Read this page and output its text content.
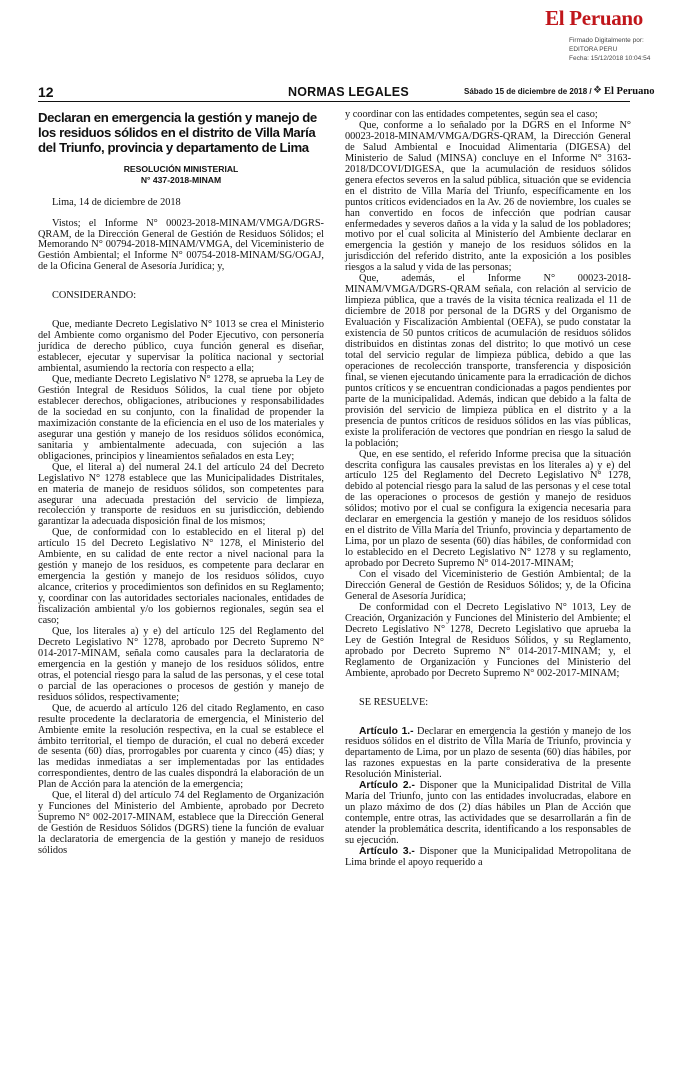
El Peruano
Firmado Digitalmente por:
EDITORA PERU
Fecha: 15/12/2018 10:04:54
12	NORMAS LEGALES	Sábado 15 de diciembre de 2018 / ❖ El Peruano
Declaran en emergencia la gestión y manejo de los residuos sólidos en el distrito de Villa María del Triunfo, provincia y departamento de Lima
RESOLUCIÓN MINISTERIAL
N° 437-2018-MINAM

Lima, 14 de diciembre de 2018

Vistos; el Informe N° 00023-2018-MINAM/VMGA/DGRS-QRAM, de la Dirección General de Gestión de Residuos Sólidos; el Memorando N° 00794-2018-MINAM/VMGA, del Viceministerio de Gestión Ambiental; el Informe N° 00754-2018-MINAM/SG/OGAJ, de la Oficina General de Asesoría Jurídica; y,

CONSIDERANDO:

Que, mediante Decreto Legislativo N° 1013 se crea el Ministerio del Ambiente como organismo del Poder Ejecutivo, con personería jurídica de derecho público, cuya función general es diseñar, establecer, ejecutar y supervisar la política nacional y sectorial ambiental, asumiendo la rectoría con respecto a ella;

Que, mediante Decreto Legislativo N° 1278, se aprueba la Ley de Gestión Integral de Residuos Sólidos, la cual tiene por objeto establecer derechos, obligaciones, atribuciones y responsabilidades de la sociedad en su conjunto, con la finalidad de propender la maximización constante de la eficiencia en el uso de los materiales y asegurar una gestión y manejo de los residuos sólidos económica, sanitaria y ambientalmente adecuada, con sujeción a las obligaciones, principios y lineamientos señalados en esta Ley;

Que, el literal a) del numeral 24.1 del artículo 24 del Decreto Legislativo N° 1278 establece que las Municipalidades Distritales, en materia de manejo de residuos sólidos, son competentes para asegurar una adecuada prestación del servicio de limpieza, recolección y transporte de residuos en su jurisdicción, debiendo garantizar la adecuada disposición final de los mismos;

Que, de conformidad con lo establecido en el literal p) del artículo 15 del Decreto Legislativo N° 1278, el Ministerio del Ambiente, en su calidad de ente rector a nivel nacional para la gestión y manejo de los residuos, es competente para declarar en emergencia la gestión y manejo de los residuos sólidos, cuyo alcance, criterios y procedimientos son definidos en su Reglamento; y, coordinar con las autoridades sectoriales nacionales, entidades de fiscalización ambiental y/o los gobiernos regionales, según sea el caso;

Que, los literales a) y e) del artículo 125 del Reglamento del Decreto Legislativo N° 1278, aprobado por Decreto Supremo N° 014-2017-MINAM, señala como causales para la declaratoria de emergencia en la gestión y manejo de los residuos sólidos, entre otras, el potencial riesgo para la salud de las personas, y el cese total o parcial de las operaciones o procesos de gestión y manejo de residuos sólidos, respectivamente;

Que, de acuerdo al artículo 126 del citado Reglamento, en caso resulte procedente la declaratoria de emergencia, el Ministerio del Ambiente emite la resolución respectiva, en la cual se establece el ámbito territorial, el tiempo de duración, el cual no deberá exceder de sesenta (60) días, prorrogables por cuarenta y cinco (45) días; y las medidas inmediatas a ser implementadas por las entidades correspondientes, dentro de las cuales dispondrá la elaboración de un Plan de Acción para la atención de la emergencia;

Que, el literal d) del artículo 74 del Reglamento de Organización y Funciones del Ministerio del Ambiente, aprobado por Decreto Supremo N° 002-2017-MINAM, establece que la Dirección General de Gestión de Residuos Sólidos (DGRS) tiene la función de evaluar la declaratoria de emergencia de la gestión y manejo de residuos sólidos

y coordinar con las entidades competentes, según sea el caso;

Que, conforme a lo señalado por la DGRS en el Informe N° 00023-2018-MINAM/VMGA/DGRS-QRAM, la Dirección General de Salud Ambiental e Inocuidad Alimentaria (DIGESA) del Ministerio de Salud (MINSA) concluye en el Informe N° 3163-2018/DCOVI/DIGESA, que la acumulación de residuos sólidos genera efectos severos en la salud pública, situación que se evidencia en el distrito de Villa María del Triunfo, específicamente en los puntos críticos evidenciados en la Av. 26 de noviembre, los cuales se han convertido en focos de infección que podrían causar enfermedades y severos daños a la vida y la salud de los pobladores; motivo por el cual solicita al Ministerio del Ambiente declarar en emergencia la gestión y manejo de los residuos sólidos en la jurisdicción del referido distrito, ante la exposición a los posibles riesgos a la salud y vida de las personas;

Que, además, el Informe N° 00023-2018-MINAM/VMGA/DGRS-QRAM señala, con relación al servicio de limpieza pública, que a través de la visita técnica realizada el 11 de diciembre de 2018 por personal de la DGRS y del Organismo de Evaluación y Fiscalización Ambiental (OEFA), se pudo constatar la existencia de 50 puntos críticos de acumulación de residuos sólidos distribuidos en distintas zonas del distrito; lo que motivó un cese total del servicio regular de limpieza pública, debido a que las operaciones de recolección transporte, transferencia y disposición final, se vienen ejecutando únicamente para la erradicación de dichos puntos críticos y se encuentran condicionadas a pagos pendientes por parte de la municipalidad. Además, indican que debido a la falta de provisión del servicio de limpieza pública en el distrito y a la presencia de puntos críticos de residuos sólidos en las vías públicas, existe la proliferación de vectores que pondrían en riesgo la salud de la población;

Que, en ese sentido, el referido Informe precisa que la situación descrita configura las causales previstas en los literales a) y e) del artículo 125 del Reglamento del Decreto Legislativo N° 1278, debido al potencial riesgo para la salud de las personas y el cese total de las operaciones o procesos de gestión y manejo de residuos sólidos; motivo por el cual se configura la exigencia necesaria para declarar en emergencia la gestión y manejo de los residuos sólidos en el distrito de Villa María del Triunfo, provincia y departamento de Lima, por un plazo de sesenta (60) días hábiles, de conformidad con lo establecido en el Decreto Legislativo N° 1278 y su reglamento, aprobado por Decreto Supremo N° 014-2017-MINAM;

Con el visado del Viceministerio de Gestión Ambiental; de la Dirección General de Gestión de Residuos Sólidos; y, de la Oficina General de Asesoría Jurídica;

De conformidad con el Decreto Legislativo N° 1013, Ley de Creación, Organización y Funciones del Ministerio del Ambiente; el Decreto Legislativo N° 1278, Decreto Legislativo que aprueba la Ley de Gestión Integral de Residuos Sólidos, y su Reglamento, aprobado por Decreto Supremo N° 014-2017-MINAM; y, el Reglamento de Organización y Funciones del Ministerio del Ambiente, aprobado por Decreto Supremo N° 002-2017-MINAM;

SE RESUELVE:

Artículo 1.- Declarar en emergencia la gestión y manejo de los residuos sólidos en el distrito de Villa María de Triunfo, provincia y departamento de Lima, por un plazo de sesenta (60) días hábiles, por las razones expuestas en la parte considerativa de la presente Resolución Ministerial.

Artículo 2.- Disponer que la Municipalidad Distrital de Villa María del Triunfo, junto con las entidades involucradas, elabore en un plazo máximo de dos (2) días hábiles un Plan de Acción que contemple, entre otras, las actividades que se desarrollarán a fin de atender la problemática descrita, identificando a los responsables de su ejecución.

Artículo 3.- Disponer que la Municipalidad Metropolitana de Lima brinde el apoyo requerido a
